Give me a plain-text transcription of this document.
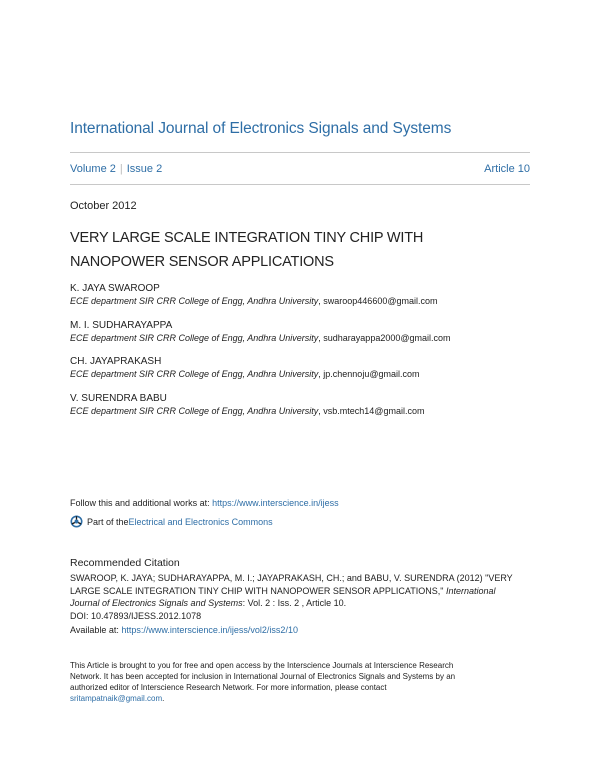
International Journal of Electronics Signals and Systems
Volume 2 | Issue 2	Article 10
October 2012
VERY LARGE SCALE INTEGRATION TINY CHIP WITH
NANOPOWER SENSOR APPLICATIONS
K. JAYA SWAROOP
ECE department SIR CRR College of Engg, Andhra University, swaroop446600@gmail.com
M. I. SUDHARAYAPPA
ECE department SIR CRR College of Engg, Andhra University, sudharayappa2000@gmail.com
CH. JAYAPRAKASH
ECE department SIR CRR College of Engg, Andhra University, jp.chennoju@gmail.com
V. SURENDRA BABU
ECE department SIR CRR College of Engg, Andhra University, vsb.mtech14@gmail.com
Follow this and additional works at: https://www.interscience.in/ijess
Part of the Electrical and Electronics Commons
Recommended Citation
SWAROOP, K. JAYA; SUDHARAYAPPA, M. I.; JAYAPRAKASH, CH.; and BABU, V. SURENDRA (2012) "VERY
LARGE SCALE INTEGRATION TINY CHIP WITH NANOPOWER SENSOR APPLICATIONS," International
Journal of Electronics Signals and Systems: Vol. 2 : Iss. 2 , Article 10.
DOI: 10.47893/IJESS.2012.1078
Available at: https://www.interscience.in/ijess/vol2/iss2/10
This Article is brought to you for free and open access by the Interscience Journals at Interscience Research
Network. It has been accepted for inclusion in International Journal of Electronics Signals and Systems by an
authorized editor of Interscience Research Network. For more information, please contact
sritampatnaik@gmail.com.
